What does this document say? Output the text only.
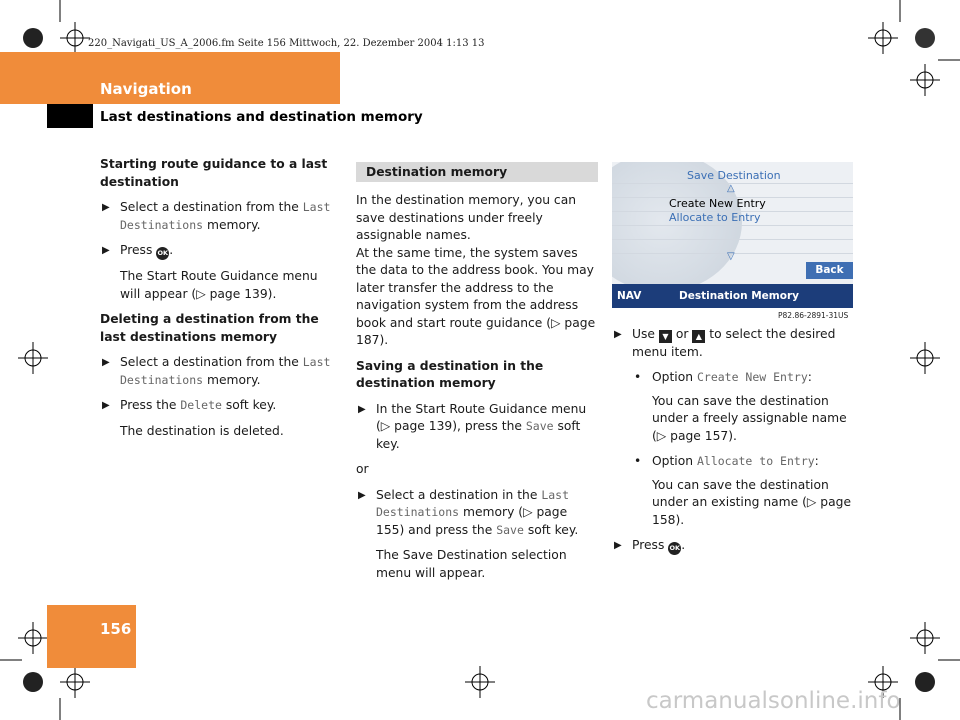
220_Navigati_US_A_2006.fm Seite 156 Mittwoch, 22. Dezember 2004 1:13 13
Navigation
Last destinations and destination memory
Starting route guidance to a last destination
▶ Select a destination from the Last Destinations memory.
▶ Press OK.
The Start Route Guidance menu will appear (▷ page 139).
Deleting a destination from the last destinations memory
▶ Select a destination from the Last Destinations memory.
▶ Press the Delete soft key.
The destination is deleted.
Destination memory

In the destination memory, you can save destinations under freely assignable names.
At the same time, the system saves the data to the address book. You may later transfer the address to the navigation system from the address book and start route guidance (▷ page 187).

Saving a destination in the destination memory
▶ In the Start Route Guidance menu (▷ page 139), press the Save soft key.

or

▶ Select a destination in the Last Destinations memory (▷ page 155) and press the Save soft key.
The Save Destination selection menu will appear.
Save Destination
△
Create New Entry
Allocate to Entry
▽
Back
NAV	Destination Memory
P82.86-2891-31US
▶ Use ▼ or ▲ to select the desired menu item.
• Option Create New Entry:
You can save the destination under a freely assignable name (▷ page 157).
• Option Allocate to Entry:
You can save the destination under an existing name (▷ page 158).
▶ Press OK.
156
carmanualsonline.info
